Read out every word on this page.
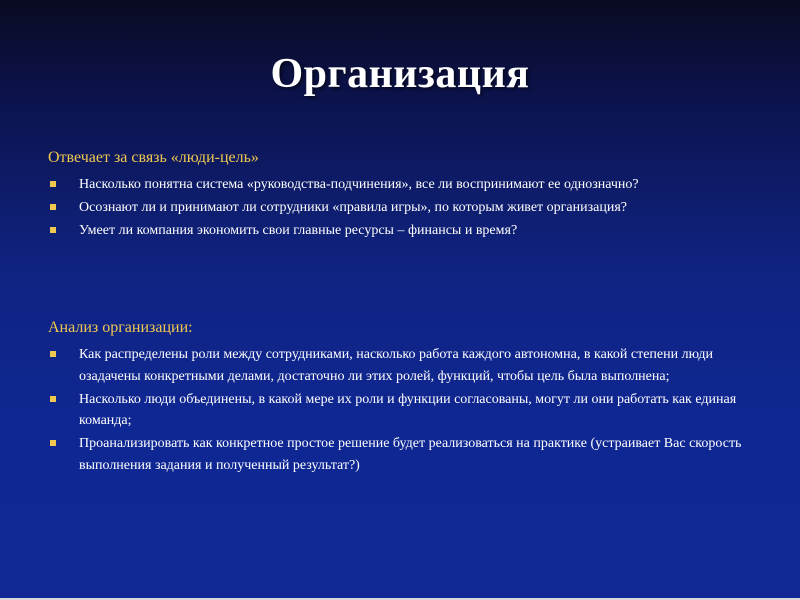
Организация
Отвечает за связь «люди-цель»
Насколько понятна система «руководства-подчинения», все ли воспринимают ее однозначно?
Осознают ли и принимают ли сотрудники «правила игры», по которым живет организация?
Умеет ли компания экономить свои главные ресурсы – финансы и время?
Анализ организации:
Как распределены роли между сотрудниками, насколько работа каждого автономна, в какой степени люди озадачены конкретными делами, достаточно ли этих ролей, функций, чтобы цель была выполнена;
Насколько люди объединены, в какой мере их роли и функции согласованы, могут ли они работать как единая команда;
Проанализировать как конкретное простое решение будет реализоваться на практике (устраивает Вас скорость выполнения задания и полученный результат?)
